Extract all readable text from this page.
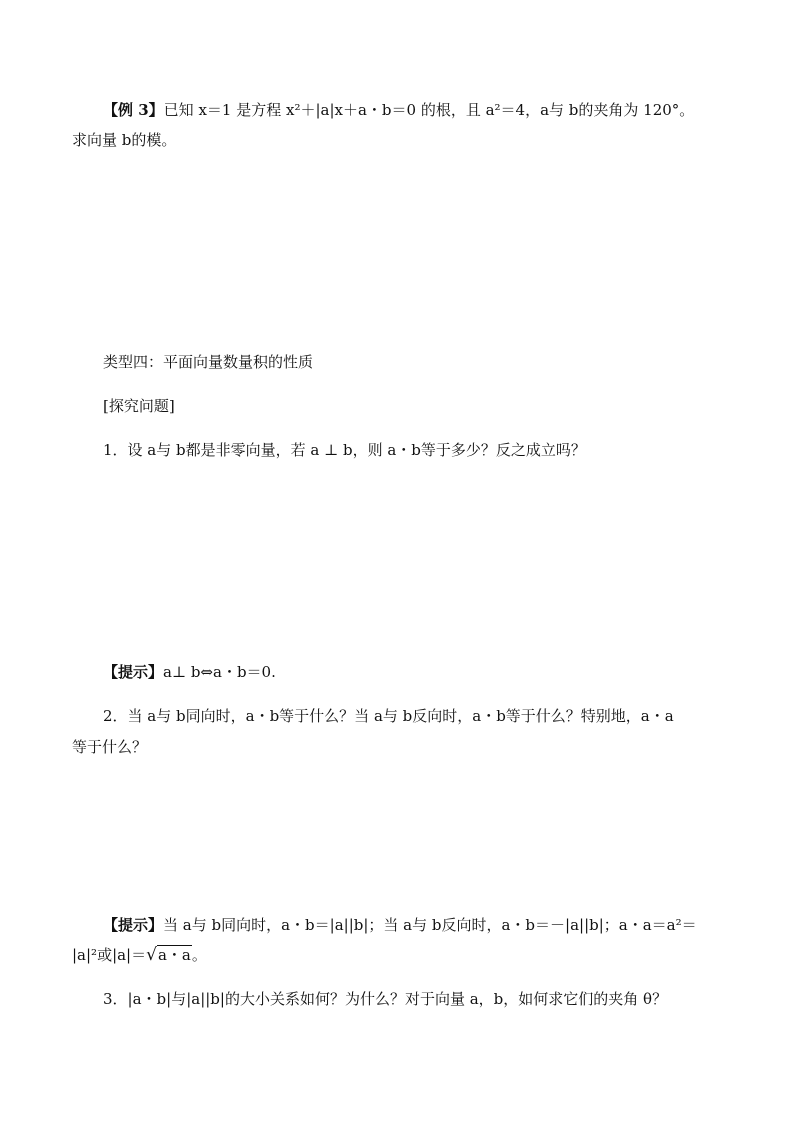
【例 3】已知 x＝1 是方程 x²＋|a|x＋a・b＝0 的根，且 a²＝4，a与 b的夹角为 120°。
求向量 b的模。
类型四：平面向量数量积的性质
[探究问题]
1．设 a与 b都是非零向量，若 a ⊥ b，则 a・b等于多少？反之成立吗？
【提示】a⊥ b⇔a・b＝0.
2．当 a与 b同向时，a・b等于什么？当 a与 b反向时，a・b等于什么？特别地，a・a
等于什么？
【提示】当 a与 b同向时，a・b＝|a||b|；当 a与 b反向时，a・b＝－|a||b|；a・a＝a²＝
|a|²或|a|＝√a・a。
3．|a・b|与|a||b|的大小关系如何？为什么？对于向量 a，b，如何求它们的夹角 θ？
